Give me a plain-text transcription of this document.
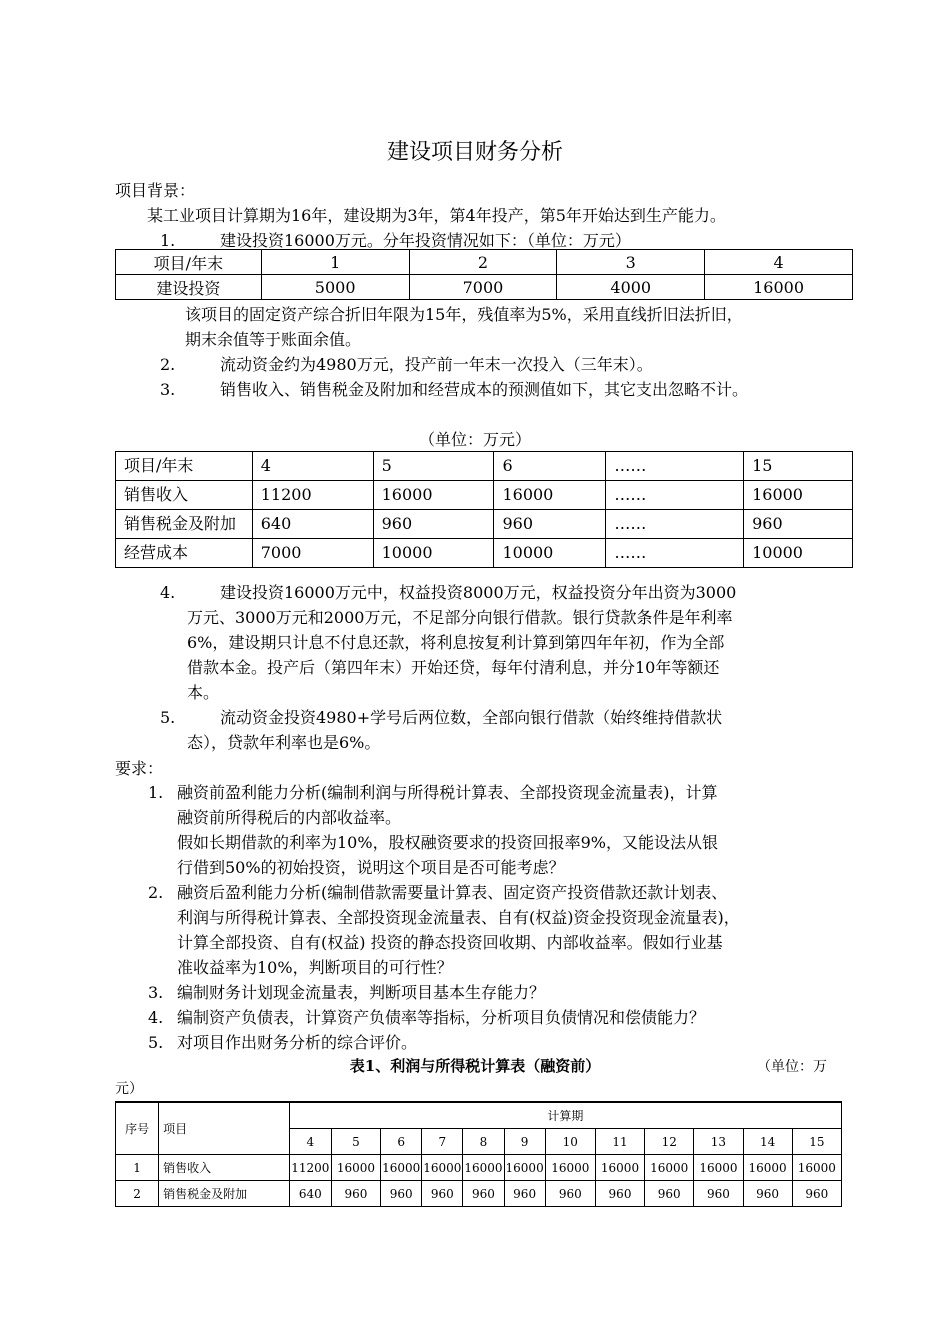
建设项目财务分析
项目背景：
某工业项目计算期为16年，建设期为3年，第4年投产，第5年开始达到生产能力。
1.	建设投资16000万元。分年投资情况如下：（单位：万元）
项目/年末	1	2	3	4
建设投资	5000	7000	4000	16000
该项目的固定资产综合折旧年限为15年，残值率为5%，采用直线折旧法折旧，
期末余值等于账面余值。
2.	流动资金约为4980万元，投产前一年末一次投入（三年末）。
3.	销售收入、销售税金及附加和经营成本的预测值如下，其它支出忽略不计。
（单位：万元）
项目/年末	4	5	6	……	15
销售收入	11200	16000	16000	……	16000
销售税金及附加	640	960	960	……	960
经营成本	7000	10000	10000	……	10000
4.	建设投资16000万元中，权益投资8000万元，权益投资分年出资为3000
万元、3000万元和2000万元，不足部分向银行借款。银行贷款条件是年利率
6%，建设期只计息不付息还款，将利息按复利计算到第四年年初，作为全部
借款本金。投产后（第四年末）开始还贷，每年付清利息，并分10年等额还
本。
5.	流动资金投资4980+学号后两位数，全部向银行借款（始终维持借款状
态），贷款年利率也是6%。
要求：
1. 融资前盈利能力分析(编制利润与所得税计算表、全部投资现金流量表)，计算
融资前所得税后的内部收益率。
假如长期借款的利率为10%，股权融资要求的投资回报率9%，又能设法从银
行借到50%的初始投资，说明这个项目是否可能考虑？
2. 融资后盈利能力分析(编制借款需要量计算表、固定资产投资借款还款计划表、
利润与所得税计算表、全部投资现金流量表、自有(权益)资金投资现金流量表)，
计算全部投资、自有(权益) 投资的静态投资回收期、内部收益率。假如行业基
准收益率为10%，判断项目的可行性？
3. 编制财务计划现金流量表，判断项目基本生存能力？
4. 编制资产负债表，计算资产负债率等指标，分析项目负债情况和偿债能力？
5. 对项目作出财务分析的综合评价。
表1、利润与所得税计算表（融资前）	（单位：万
元）
序号	项目	计算期											
		4	5	6	7	8	9	10	11	12	13	14	15
1	销售收入	11200	16000	16000	16000	16000	16000	16000	16000	16000	16000	16000	16000
2	销售税金及附加	640	960	960	960	960	960	960	960	960	960	960	960
